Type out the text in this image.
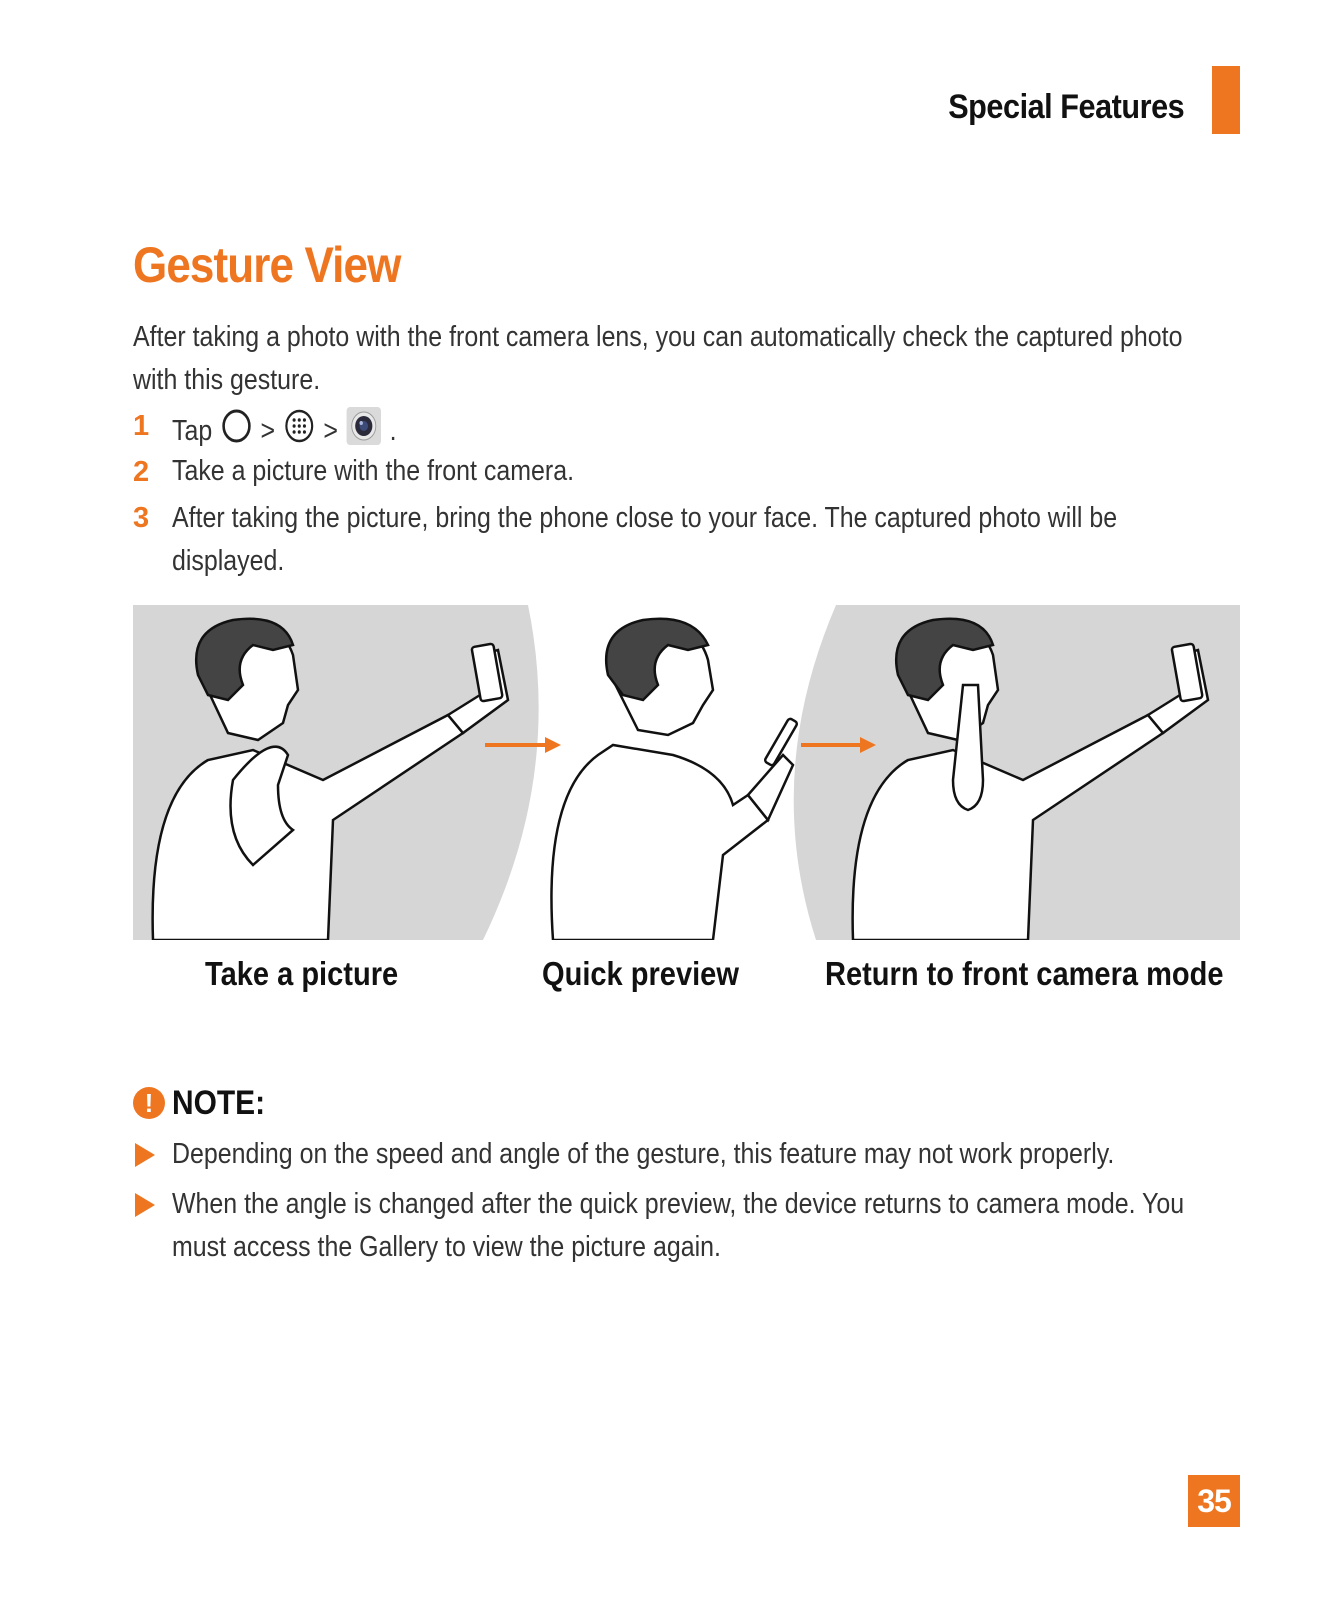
Special Features
Gesture View
After taking a photo with the front camera lens, you can automatically check the captured photo
with this gesture.
1 Tap > > .
2 Take a picture with the front camera.
3 After taking the picture, bring the phone close to your face. The captured photo will be
displayed.
Take a picture	Quick preview	Return to front camera mode
! NOTE:
Depending on the speed and angle of the gesture, this feature may not work properly.
When the angle is changed after the quick preview, the device returns to camera mode. You
must access the Gallery to view the picture again.
35
